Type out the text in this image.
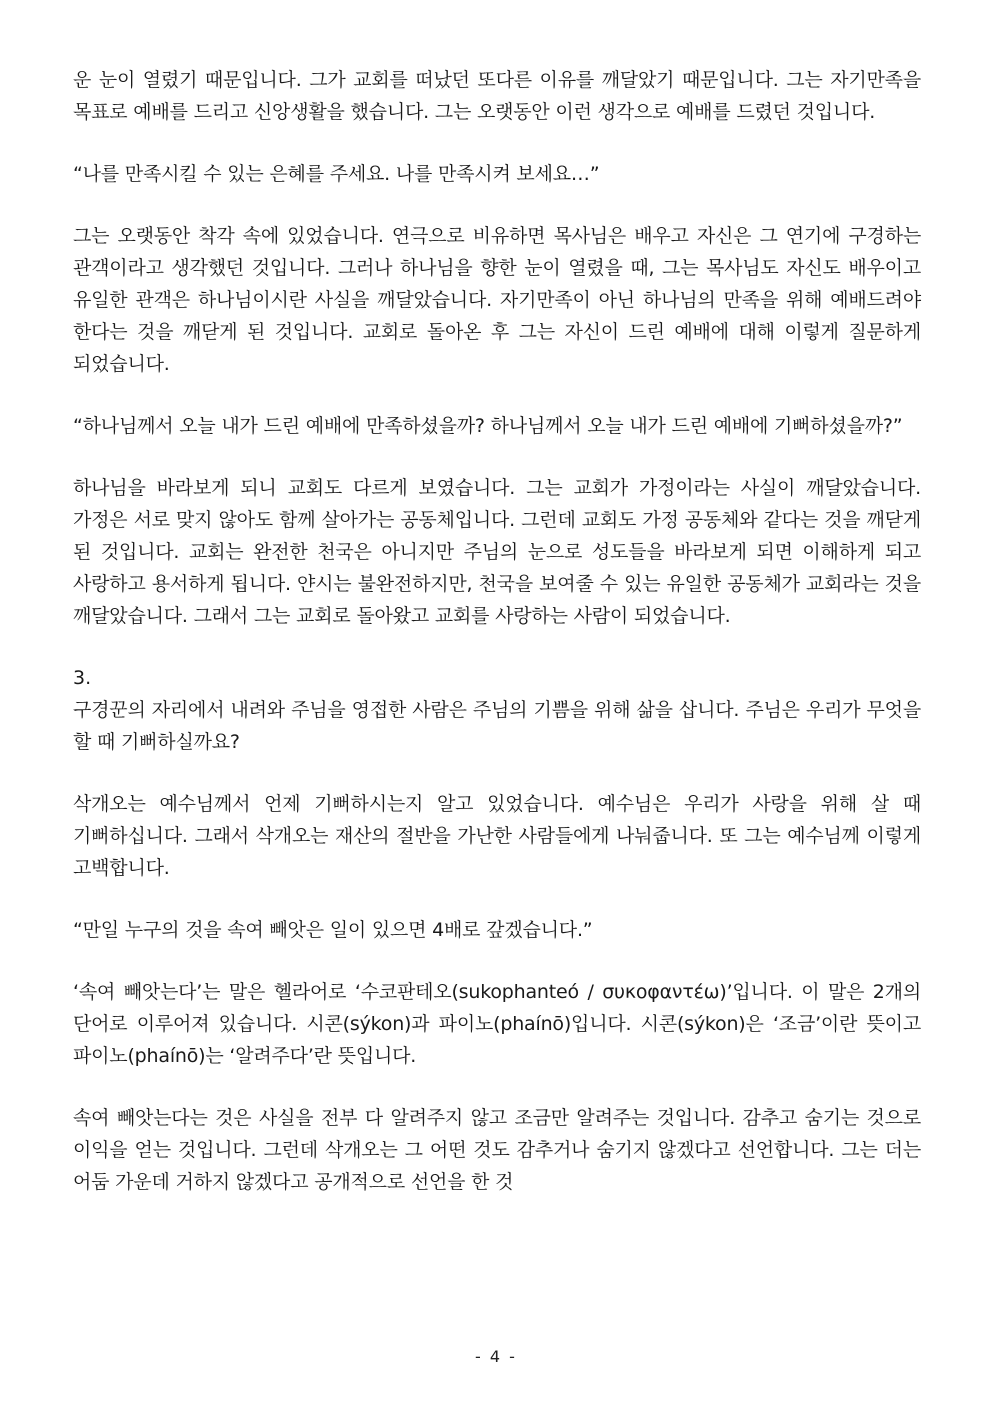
운 눈이 열렸기 때문입니다. 그가 교회를 떠났던 또다른 이유를 깨달았기 때문입니다. 그는 자기만족을 목표로 예배를 드리고 신앙생활을 했습니다. 그는 오랫동안 이런 생각으로 예배를 드렸던 것입니다.

“나를 만족시킬 수 있는 은혜를 주세요. 나를 만족시켜 보세요…”

그는 오랫동안 착각 속에 있었습니다. 연극으로 비유하면 목사님은 배우고 자신은 그 연기에 구경하는 관객이라고 생각했던 것입니다. 그러나 하나님을 향한 눈이 열렸을 때, 그는 목사님도 자신도 배우이고 유일한 관객은 하나님이시란 사실을 깨달았습니다. 자기만족이 아닌 하나님의 만족을 위해 예배드려야 한다는 것을 깨닫게 된 것입니다. 교회로 돌아온 후 그는 자신이 드린 예배에 대해 이렇게 질문하게 되었습니다.

“하나님께서 오늘 내가 드린 예배에 만족하셨을까? 하나님께서 오늘 내가 드린 예배에 기뻐하셨을까?”

하나님을 바라보게 되니 교회도 다르게 보였습니다. 그는 교회가 가정이라는 사실이 깨달았습니다. 가정은 서로 맞지 않아도 함께 살아가는 공동체입니다. 그런데 교회도 가정 공동체와 같다는 것을 깨닫게 된 것입니다. 교회는 완전한 천국은 아니지만 주님의 눈으로 성도들을 바라보게 되면 이해하게 되고 사랑하고 용서하게 됩니다. 얀시는 불완전하지만, 천국을 보여줄 수 있는 유일한 공동체가 교회라는 것을 깨달았습니다. 그래서 그는 교회로 돌아왔고 교회를 사랑하는 사람이 되었습니다.

3.

구경꾼의 자리에서 내려와 주님을 영접한 사람은 주님의 기쁨을 위해 삶을 삽니다. 주님은 우리가 무엇을 할 때 기뻐하실까요?

삭개오는 예수님께서 언제 기뻐하시는지 알고 있었습니다. 예수님은 우리가 사랑을 위해 살 때 기뻐하십니다. 그래서 삭개오는 재산의 절반을 가난한 사람들에게 나눠줍니다. 또 그는 예수님께 이렇게 고백합니다.

“만일 누구의 것을 속여 빼앗은 일이 있으면 4배로 갚겠습니다.”

‘속여 빼앗는다’는 말은 헬라어로 ‘수코판테오(sukophanteó / συκοφαντέω)’입니다. 이 말은 2개의 단어로 이루어져 있습니다. 시콘(sýkon)과 파이노(phaínō)입니다. 시콘(sýkon)은 ‘조금’이란 뜻이고 파이노(phaínō)는 ‘알려주다’란 뜻입니다.

속여 빼앗는다는 것은 사실을 전부 다 알려주지 않고 조금만 알려주는 것입니다. 감추고 숨기는 것으로 이익을 얻는 것입니다. 그런데 삭개오는 그 어떤 것도 감추거나 숨기지 않겠다고 선언합니다. 그는 더는 어둠 가운데 거하지 않겠다고 공개적으로 선언을 한 것

- 4 -
